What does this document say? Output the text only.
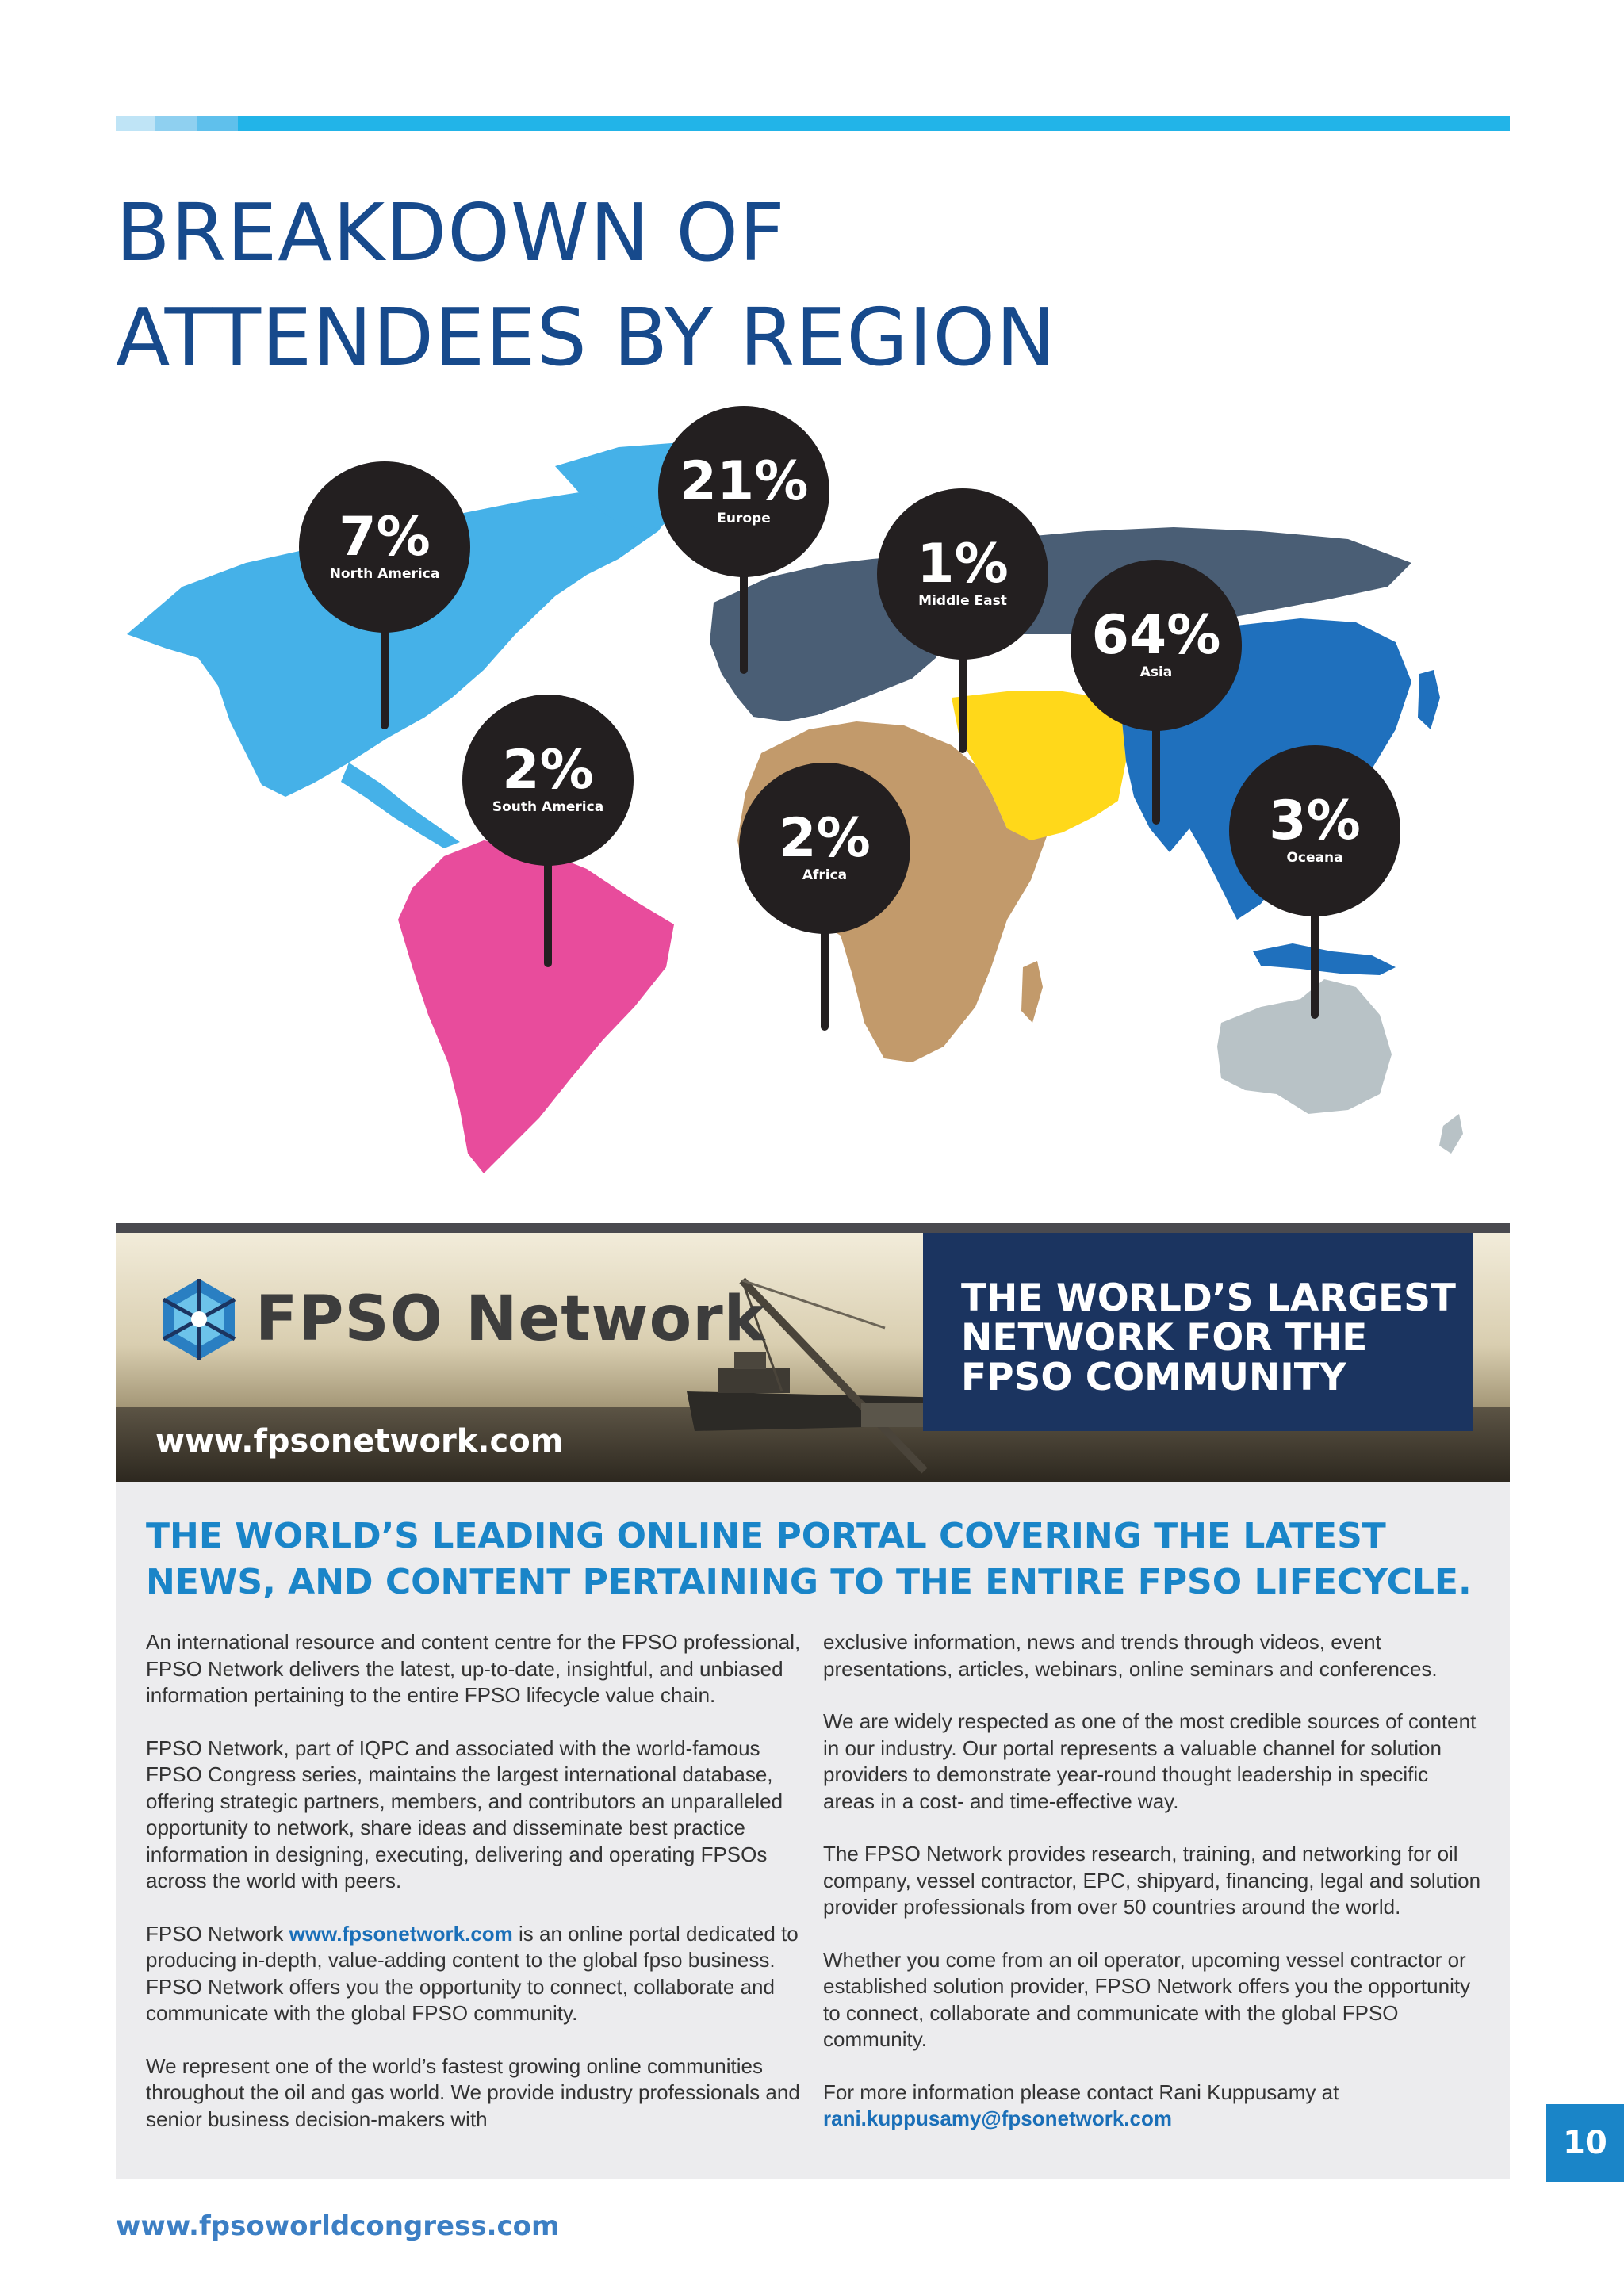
BREAKDOWN OF
ATTENDEES BY REGION
7%
North America
21%
Europe
1%
Middle East
64%
Asia
2%
South America	2%
Africa
3%
Oceana
FPSO Network
www.fpsonetwork.com
THE WORLD’S LARGEST
NETWORK FOR THE
FPSO COMMUNITY
THE WORLD’S LEADING ONLINE PORTAL COVERING THE LATEST
NEWS, AND CONTENT PERTAINING TO THE ENTIRE FPSO LIFECYCLE.

An international resource and content centre for the FPSO professional, FPSO Network delivers the latest, up-to-date, insightful, and unbiased information pertaining to the entire FPSO lifecycle value chain.

FPSO Network, part of IQPC and associated with the world-famous FPSO Congress series, maintains the largest international database, offering strategic partners, members, and contributors an unparalleled opportunity to network, share ideas and disseminate best practice information in designing, executing, delivering and operating FPSOs across the world with peers.

FPSO Network www.fpsonetwork.com is an online portal dedicated to producing in-depth, value-adding content to the global fpso business. FPSO Network offers you the opportunity to connect, collaborate and communicate with the global FPSO community.

We represent one of the world’s fastest growing online communities throughout the oil and gas world. We provide industry professionals and senior business decision-makers with

exclusive information, news and trends through videos, event presentations, articles, webinars, online seminars and conferences.

We are widely respected as one of the most credible sources of content in our industry. Our portal represents a valuable channel for solution providers to demonstrate year-round thought leadership in specific areas in a cost- and time-effective way.

The FPSO Network provides research, training, and networking for oil company, vessel contractor, EPC, shipyard, financing, legal and solution provider professionals from over 50 countries around the world.

Whether you come from an oil operator, upcoming vessel contractor or established solution provider, FPSO Network offers you the opportunity to connect, collaborate and communicate with the global FPSO community.

For more information please contact Rani Kuppusamy at
rani.kuppusamy@fpsonetwork.com

10
www.fpsoworldcongress.com
